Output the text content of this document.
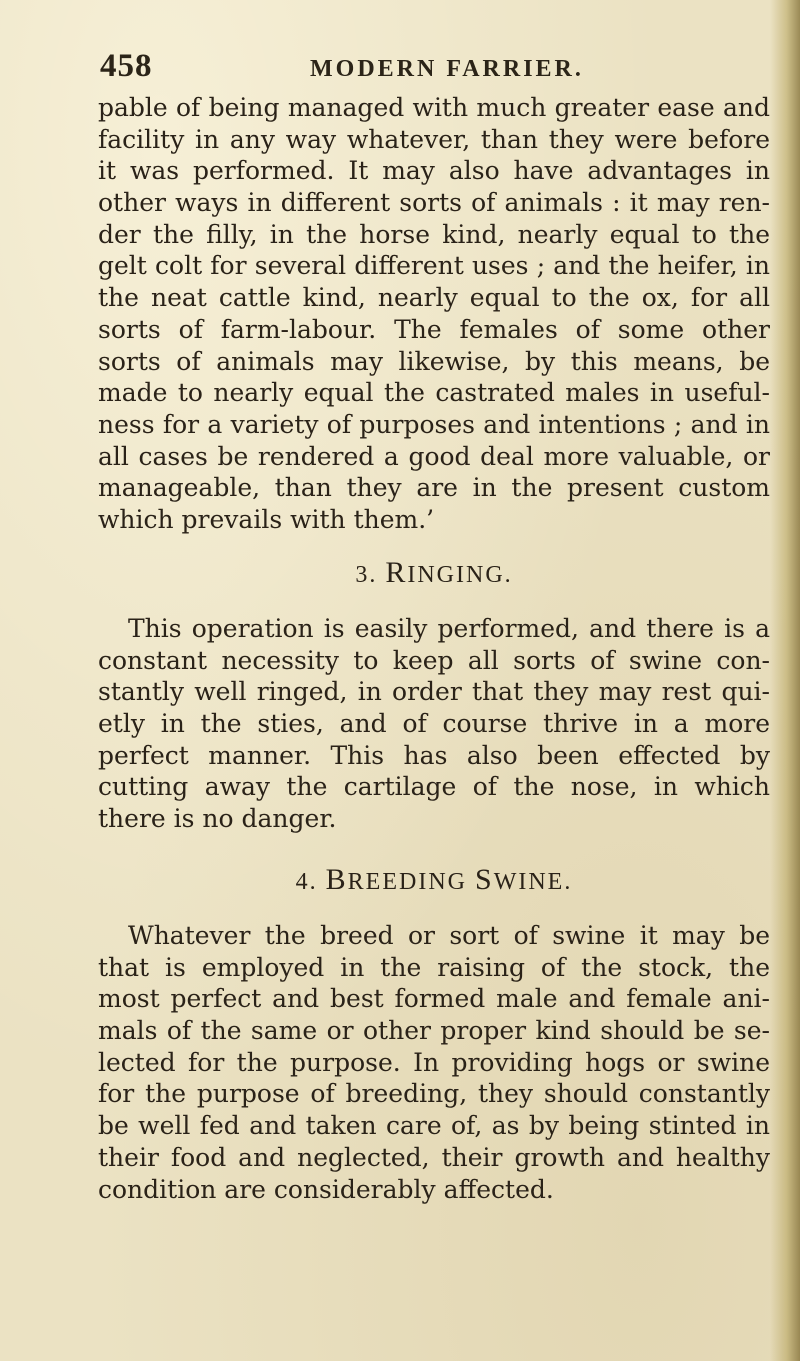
458	MODERN FARRIER.
pable of being managed with much greater ease and
facility in any way whatever, than they were before
it was performed. It may also have advantages in
other ways in different sorts of animals : it may ren-
der the filly, in the horse kind, nearly equal to the
gelt colt for several different uses ; and the heifer, in
the neat cattle kind, nearly equal to the ox, for all
sorts of farm-labour. The females of some other
sorts of animals may likewise, by this means, be
made to nearly equal the castrated males in useful-
ness for a variety of purposes and intentions ; and in
all cases be rendered a good deal more valuable, or
manageable, than they are in the present custom
which prevails with them.’
3. RINGING.
This operation is easily performed, and there is a
constant necessity to keep all sorts of swine con-
stantly well ringed, in order that they may rest qui-
etly in the sties, and of course thrive in a more
perfect manner. This has also been effected by
cutting away the cartilage of the nose, in which
there is no danger.
4. BREEDING SWINE.
Whatever the breed or sort of swine it may be
that is employed in the raising of the stock, the
most perfect and best formed male and female ani-
mals of the same or other proper kind should be se-
lected for the purpose. In providing hogs or swine
for the purpose of breeding, they should constantly
be well fed and taken care of, as by being stinted in
their food and neglected, their growth and healthy
condition are considerably affected.
